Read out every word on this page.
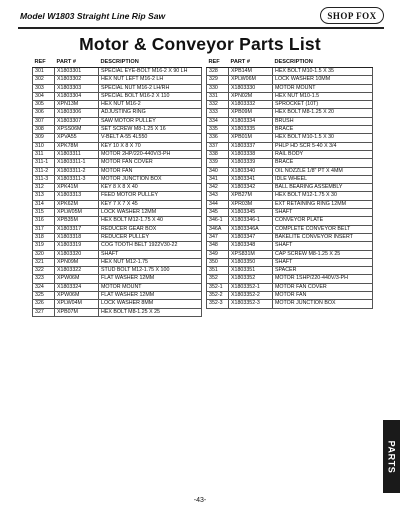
Model W1803 Straight Line Rip Saw	SHOP FOX
Motor & Conveyor Parts List
REF	PART #	DESCRIPTION
301	X1803301	SPECIAL EYE-BOLT M16-2 X 90 LH
302	X1803302	HEX NUT LEFT M16-2 LH
303	X1803303	SPECIAL NUT M16-2 LH/RH
304	X1803304	SPECIAL BOLT M16-2 X 110
305	XPN13M	HEX NUT M16-2
306	X1803306	ADJUSTING RING
307	X1803307	SAW MOTOR PULLEY
308	XPSS06M	SET SCREW M8-1.25 X 16
309	XPVA55	V-BELT A-55 4L550
310	XPK78M	KEY 10 X 8 X 70
311	X1803311	MOTOR 2HP/220-440V/3-PH
311-1	X1803311-1	MOTOR FAN COVER
311-2	X1803311-2	MOTOR FAN
311-3	X1803311-3	MOTOR JUNCTION BOX
312	XPK41M	KEY 8 X 8 X 40
313	X1803313	FEED MOTOR PULLEY
314	XPK62M	KEY 7 X 7 X 45
315	XPLW05M	LOCK WASHER 12MM
316	XPB35M	HEX BOLT M12-1.75 X 40
317	X1803317	REDUCER GEAR BOX
318	X1803318	REDUCER PULLEY
319	X1803319	COG TOOTH BELT 1922V30-22
320	X1803320	SHAFT
321	XPN09M	HEX NUT M12-1.75
322	X1803322	STUD BOLT M12-1.75 X 100
323	XPW06M	FLAT WASHER 12MM
324	X1803324	MOTOR MOUNT
325	XPW06M	FLAT WASHER 12MM
326	XPLW04M	LOCK WASHER 8MM
327	XPB07M	HEX BOLT M8-1.25 X 25
REF	PART #	DESCRIPTION
328	XPB14M	HEX BOLT M10-1.5 X 35
329	XPLW06M	LOCK WASHER 10MM
330	X1803330	MOTOR MOUNT
331	XPN02M	HEX NUT M10-1.5
332	X1803332	SPROCKET (10T)
333	XPB09M	HEX BOLT M8-1.25 X 20
334	X1803334	BRUSH
335	X1803335	BRACE
336	XPB01M	HEX BOLT M10-1.5 X 30
337	X1803337	PHLP HD SCR 5-40 X 3/4
338	X1803338	RAIL BODY
339	X1803339	BRACE
340	X1803340	OIL NOZZLE 1/8" PT X 4MM
341	X1803341	IDLE WHEEL
342	X1803342	BALL BEARING ASSEMBLY
343	XPB27M	HEX BOLT M12-1.75 X 30
344	XPR03M	EXT RETAINING RING 12MM
345	X1803345	SHAFT
346-1	X1803346-1	CONVEYOR PLATE
346A	X1803346A	COMPLETE CONVEYOR BELT
347	X1803347	BAKELITE CONVEYOR INSERT
348	X1803348	SHAFT
349	XPS831M	CAP SCREW M8-1.25 X 25
350	X1803350	SHAFT
351	X1803351	SPACER
352	X1803352	MOTOR 1SHP/220-440V/3-PH
352-1	X1803352-1	MOTOR FAN COVER
352-2	X1803352-2	MOTOR FAN
352-3	X1803352-3	MOTOR JUNCTION BOX
PARTS
-43-
